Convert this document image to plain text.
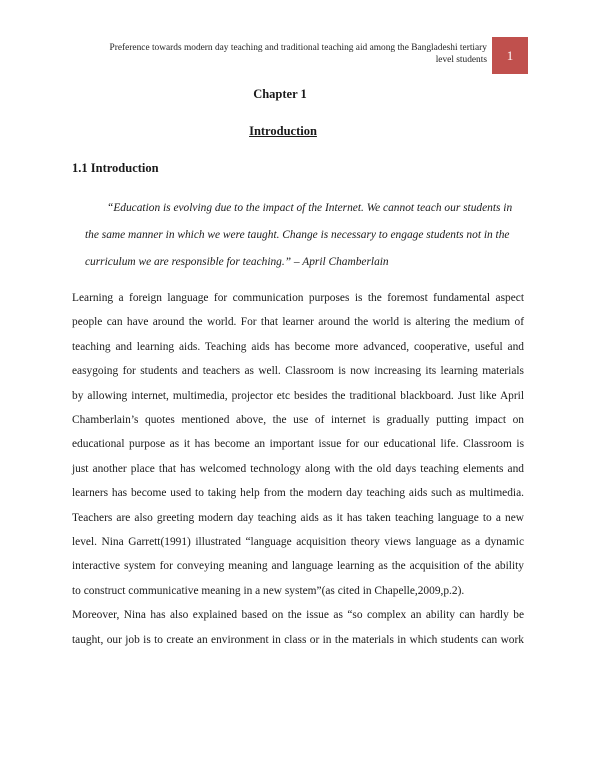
Preference towards modern day teaching and traditional teaching aid among the Bangladeshi tertiary
level students 1
Chapter 1
Introduction
1.1 Introduction
“Education is evolving due to the impact of the Internet. We cannot teach our students in
the same manner in which we were taught. Change is necessary to engage students not in the
curriculum we are responsible for teaching.” – April Chamberlain
Learning a foreign language for communication purposes is the foremost fundamental aspect
people can have around the world. For that learner around the world is altering the medium of
teaching and learning aids. Teaching aids has become more advanced, cooperative, useful and
easygoing for students and teachers as well. Classroom is now increasing its learning materials
by allowing internet, multimedia, projector etc besides the traditional blackboard. Just like April
Chamberlain’s quotes mentioned above, the use of internet is gradually putting impact on
educational purpose as it has become an important issue for our educational life. Classroom is
just another place that has welcomed technology along with the old days teaching elements and
learners has become used to taking help from the modern day teaching aids such as multimedia.
Teachers are also greeting modern day teaching aids as it has taken teaching language to a new
level. Nina Garrett(1991) illustrated “language acquisition theory views language as a dynamic
interactive system for conveying meaning and language learning as the acquisition of the ability
to construct communicative meaning in a new system”(as cited in Chapelle,2009,p.2).
Moreover, Nina has also explained based on the issue as “so complex an ability can hardly be
taught, our job is to create an environment in class or in the materials in which students can work
